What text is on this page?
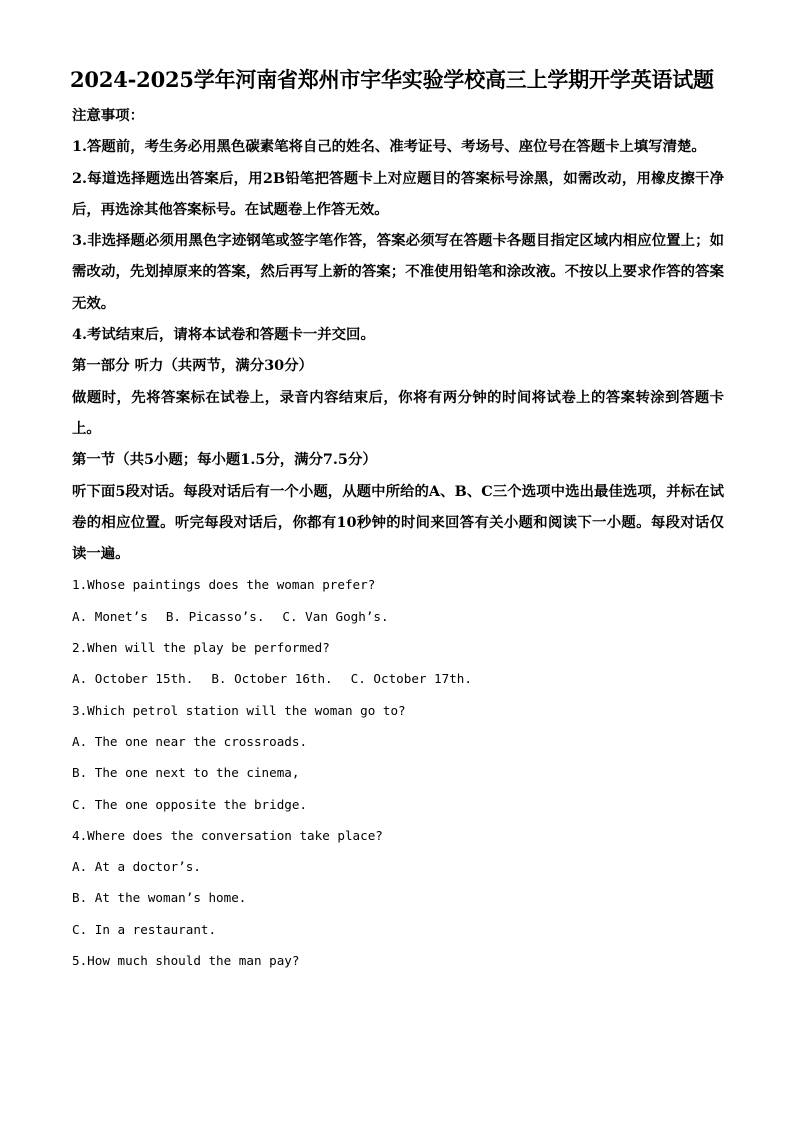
2024-2025学年河南省郑州市宇华实验学校高三上学期开学英语试题

注意事项：

1.答题前，考生务必用黑色碳素笔将自己的姓名、准考证号、考场号、座位号在答题卡上填写清楚。

2.每道选择题选出答案后，用2B铅笔把答题卡上对应题目的答案标号涂黑，如需改动，用橡皮擦干净后，再选涂其他答案标号。在试题卷上作答无效。

3.非选择题必须用黑色字迹钢笔或签字笔作答，答案必须写在答题卡各题目指定区域内相应位置上；如需改动，先划掉原来的答案，然后再写上新的答案；不准使用铅笔和涂改液。不按以上要求作答的答案无效。

4.考试结束后，请将本试卷和答题卡一并交回。

第一部分 听力（共两节，满分30分）

做题时，先将答案标在试卷上，录音内容结束后，你将有两分钟的时间将试卷上的答案转涂到答题卡上。

第一节（共5小题；每小题1.5分，满分7.5分）

听下面5段对话。每段对话后有一个小题，从题中所给的A、B、C三个选项中选出最佳选项，并标在试卷的相应位置。听完每段对话后，你都有10秒钟的时间来回答有关小题和阅读下一小题。每段对话仅读一遍。

1.Whose paintings does the woman prefer?

A. Monet’s B. Picasso’s. C. Van Gogh’s.

2.When will the play be performed?

A. October 15th. B. October 16th. C. October 17th.

3.Which petrol station will the woman go to?

A. The one near the crossroads.

B. The one next to the cinema,

C. The one opposite the bridge.

4.Where does the conversation take place?

A. At a doctor’s.

B. At the woman’s home.

C. In a restaurant.

5.How much should the man pay?
